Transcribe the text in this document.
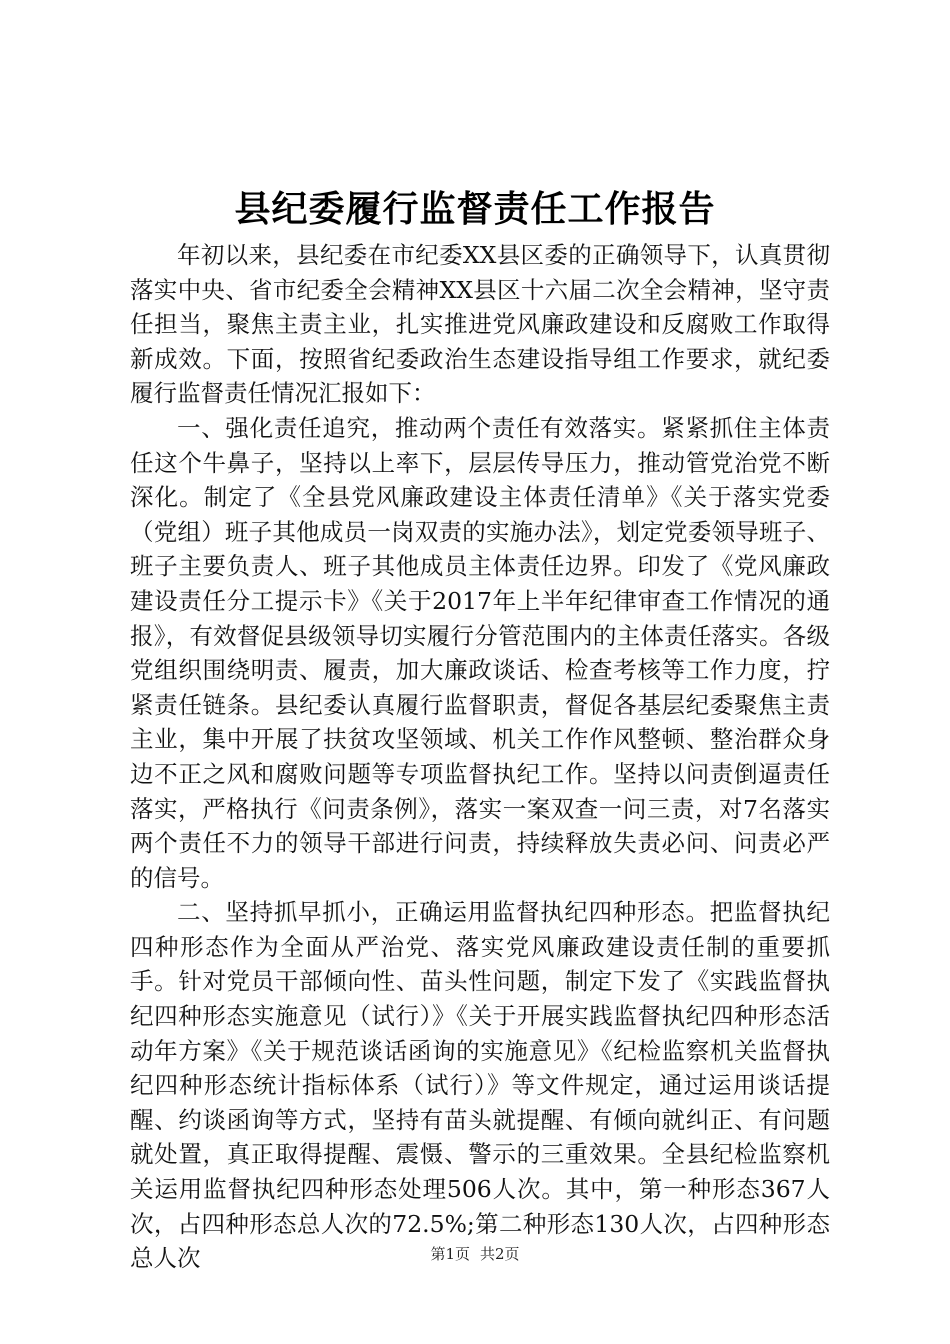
县纪委履行监督责任工作报告

年初以来，县纪委在市纪委XX县区委的正确领导下，认真贯彻落实中央、省市纪委全会精神XX县区十六届二次全会精神，坚守责任担当，聚焦主责主业，扎实推进党风廉政建设和反腐败工作取得新成效。下面，按照省纪委政治生态建设指导组工作要求，就纪委履行监督责任情况汇报如下：

一、强化责任追究，推动两个责任有效落实。紧紧抓住主体责任这个牛鼻子，坚持以上率下，层层传导压力，推动管党治党不断深化。制定了《全县党风廉政建设主体责任清单》《关于落实党委（党组）班子其他成员一岗双责的实施办法》，划定党委领导班子、班子主要负责人、班子其他成员主体责任边界。印发了《党风廉政建设责任分工提示卡》《关于2017年上半年纪律审查工作情况的通报》，有效督促县级领导切实履行分管范围内的主体责任落实。各级党组织围绕明责、履责，加大廉政谈话、检查考核等工作力度，拧紧责任链条。县纪委认真履行监督职责，督促各基层纪委聚焦主责主业，集中开展了扶贫攻坚领域、机关工作作风整顿、整治群众身边不正之风和腐败问题等专项监督执纪工作。坚持以问责倒逼责任落实，严格执行《问责条例》，落实一案双查一问三责，对7名落实两个责任不力的领导干部进行问责，持续释放失责必问、问责必严的信号。

二、坚持抓早抓小，正确运用监督执纪四种形态。把监督执纪四种形态作为全面从严治党、落实党风廉政建设责任制的重要抓手。针对党员干部倾向性、苗头性问题，制定下发了《实践监督执纪四种形态实施意见（试行）》《关于开展实践监督执纪四种形态活动年方案》《关于规范谈话函询的实施意见》《纪检监察机关监督执纪四种形态统计指标体系（试行）》等文件规定，通过运用谈话提醒、约谈函询等方式，坚持有苗头就提醒、有倾向就纠正、有问题就处置，真正取得提醒、震慑、警示的三重效果。全县纪检监察机关运用监督执纪四种形态处理506人次。其中，第一种形态367人次，占四种形态总人次的72.5%;第二种形态130人次，占四种形态总人次	第1页 共2页
